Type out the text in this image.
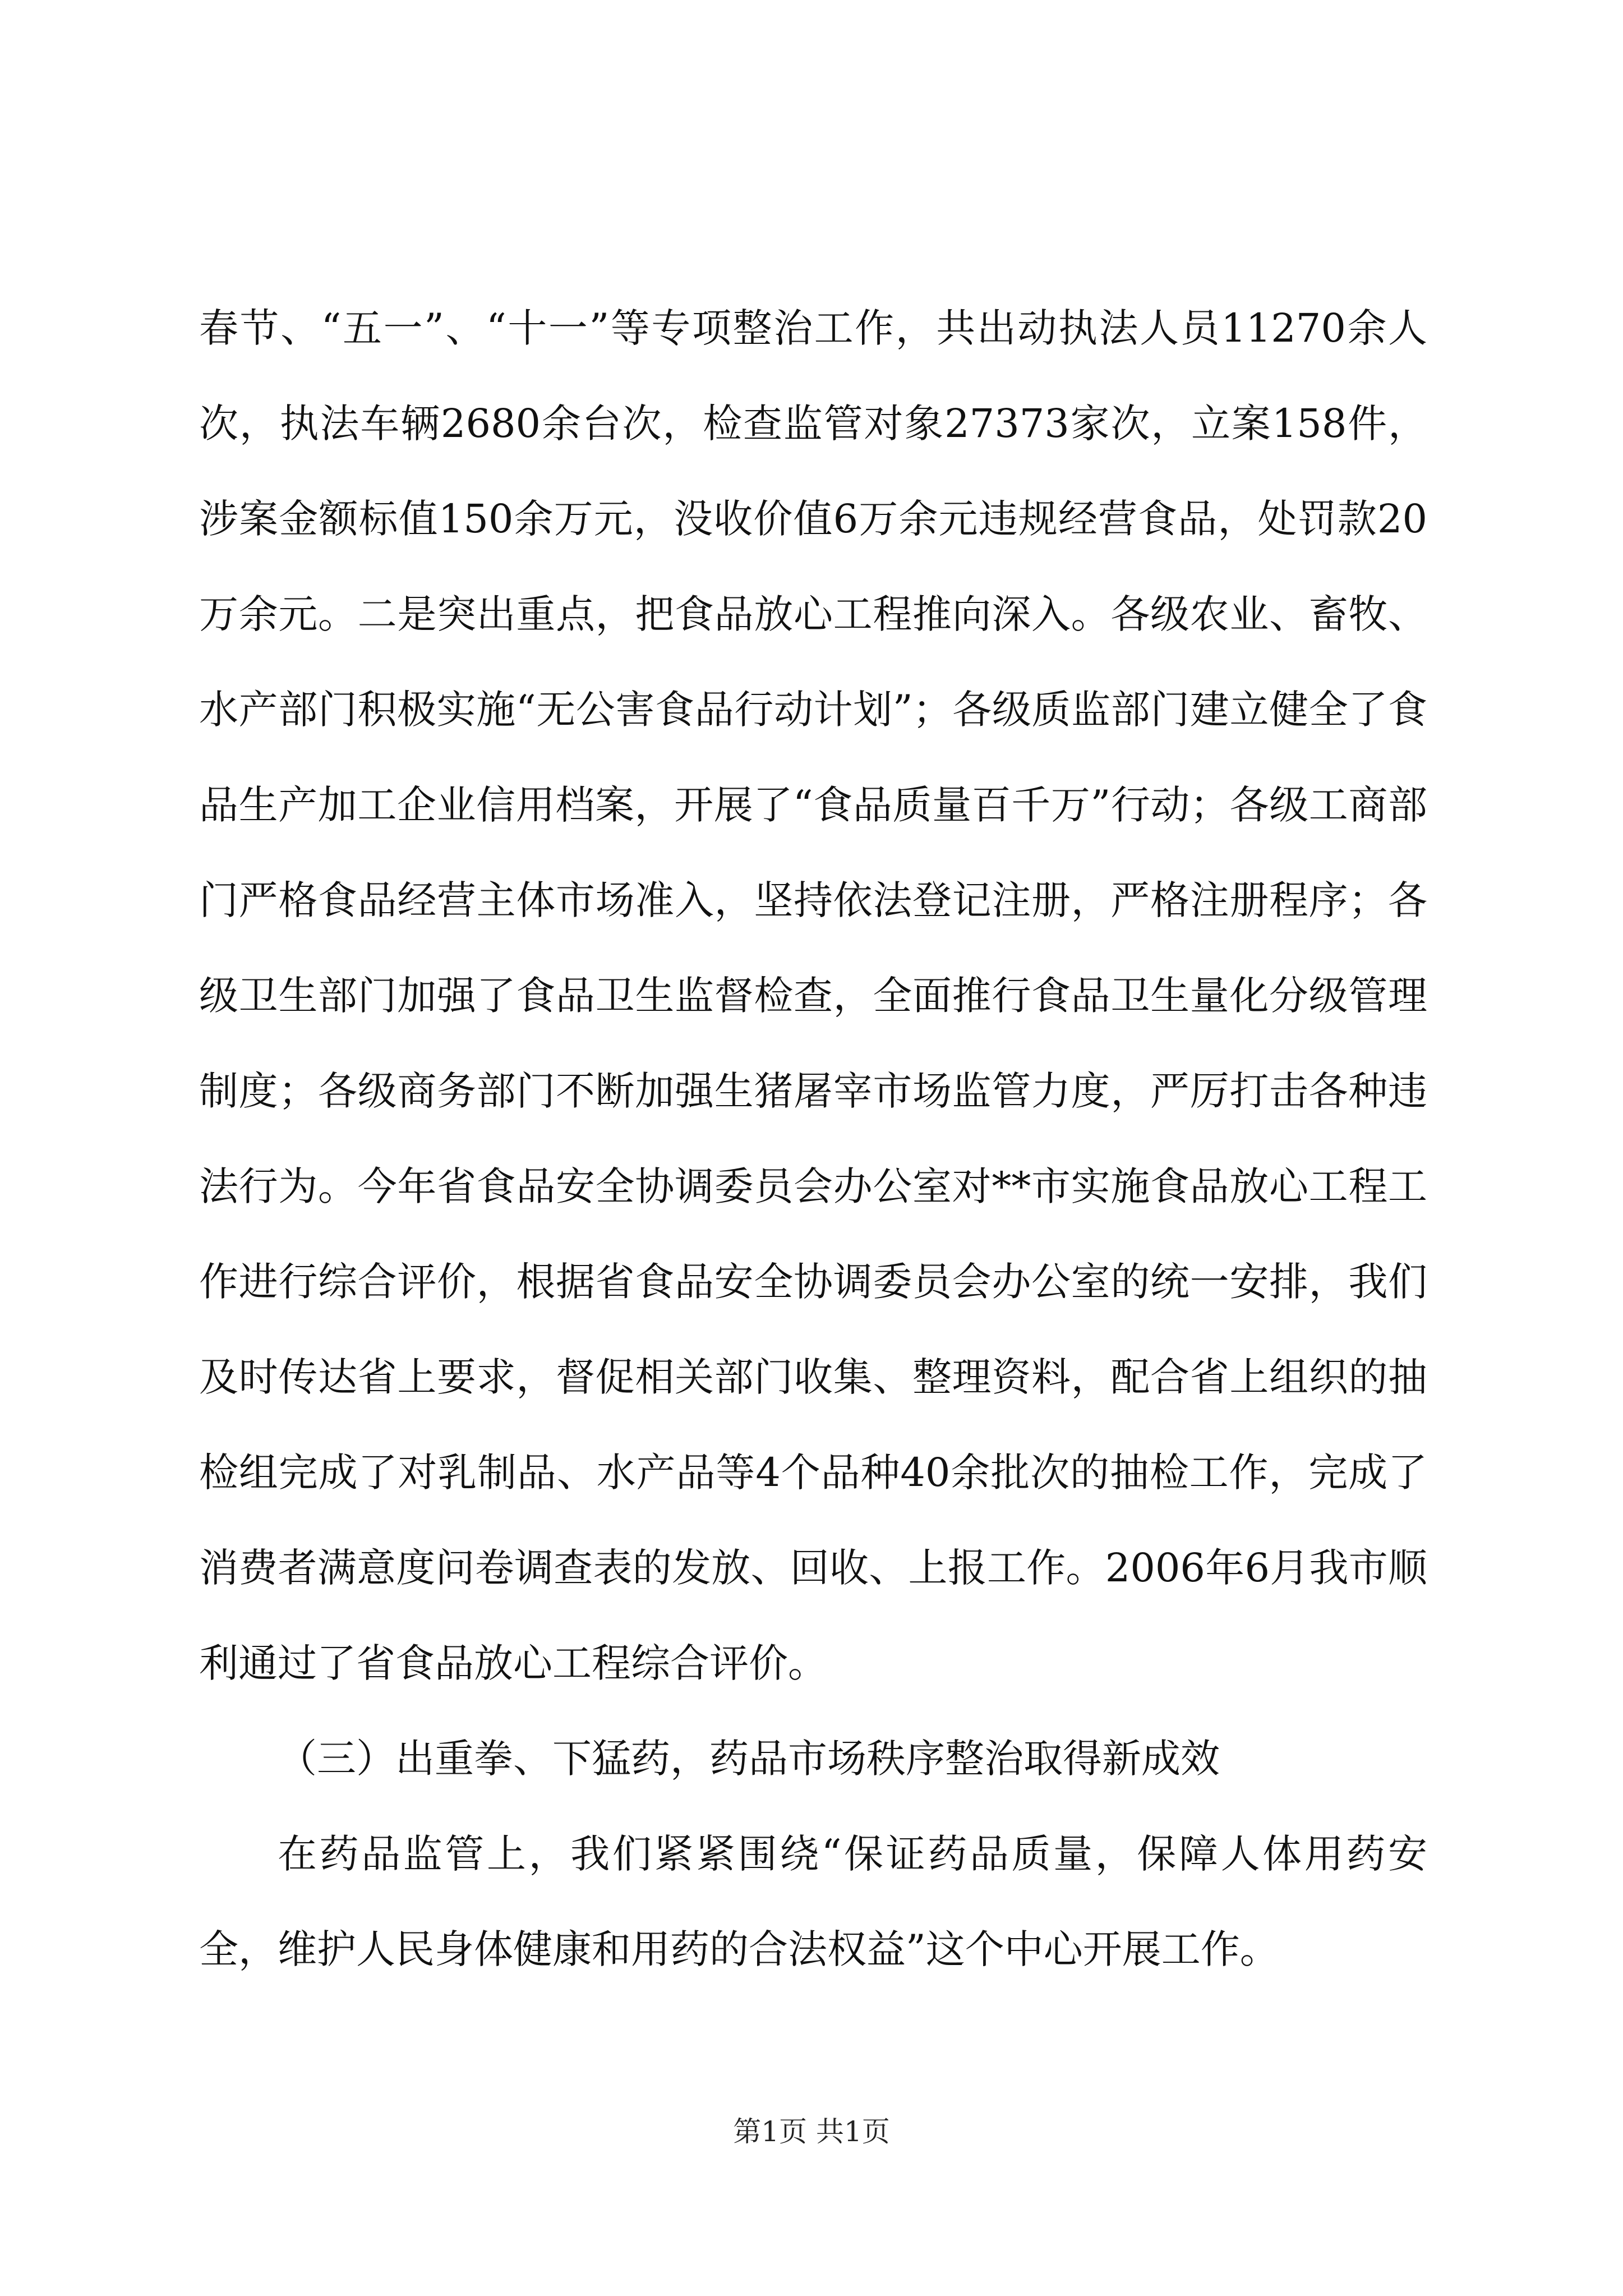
春节、“五一”、“十一”等专项整治工作，共出动执法人员11270余人次，执法车辆2680余台次，检查监管对象27373家次，立案158件，涉案金额标值150余万元，没收价值6万余元违规经营食品，处罚款20万余元。二是突出重点，把食品放心工程推向深入。各级农业、畜牧、水产部门积极实施“无公害食品行动计划”；各级质监部门建立健全了食品生产加工企业信用档案，开展了“食品质量百千万”行动；各级工商部门严格食品经营主体市场准入，坚持依法登记注册，严格注册程序；各级卫生部门加强了食品卫生监督检查，全面推行食品卫生量化分级管理制度；各级商务部门不断加强生猪屠宰市场监管力度，严厉打击各种违法行为。今年省食品安全协调委员会办公室对**市实施食品放心工程工作进行综合评价，根据省食品安全协调委员会办公室的统一安排，我们及时传达省上要求，督促相关部门收集、整理资料，配合省上组织的抽检组完成了对乳制品、水产品等4个品种40余批次的抽检工作，完成了消费者满意度问卷调查表的发放、回收、上报工作。2006年6月我市顺利通过了省食品放心工程综合评价。

（三）出重拳、下猛药，药品市场秩序整治取得新成效

在药品监管上，我们紧紧围绕“保证药品质量，保障人体用药安全，维护人民身体健康和用药的合法权益”这个中心开展工作。

第1页 共1页
